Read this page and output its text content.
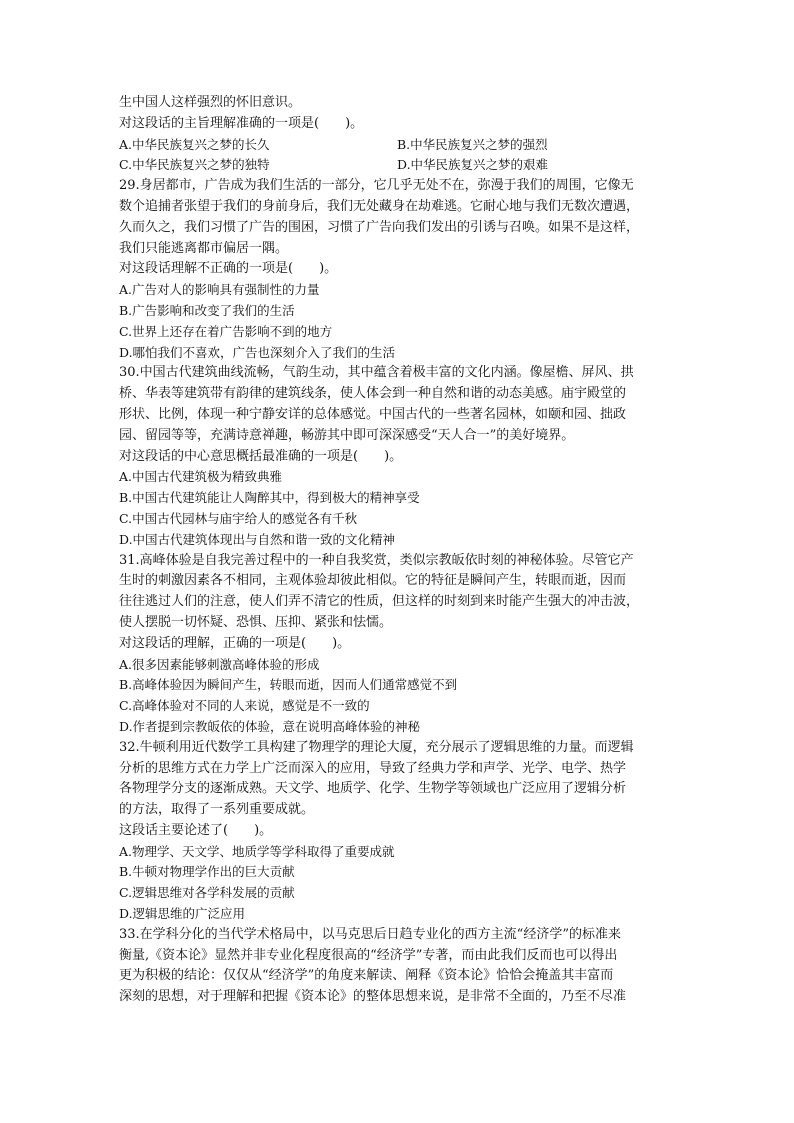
生中国人这样强烈的怀旧意识。
对这段话的主旨理解准确的一项是(　　)。
A.中华民族复兴之梦的长久	B.中华民族复兴之梦的强烈
C.中华民族复兴之梦的独特	D.中华民族复兴之梦的艰难
29.身居都市，广告成为我们生活的一部分，它几乎无处不在，弥漫于我们的周围，它像无
数个追捕者张望于我们的身前身后，我们无处藏身在劫难逃。它耐心地与我们无数次遭遇，
久而久之，我们习惯了广告的围困，习惯了广告向我们发出的引诱与召唤。如果不是这样，
我们只能逃离都市偏居一隅。
对这段话理解不正确的一项是(　　)。
A.广告对人的影响具有强制性的力量
B.广告影响和改变了我们的生活
C.世界上还存在着广告影响不到的地方
D.哪怕我们不喜欢，广告也深刻介入了我们的生活
30.中国古代建筑曲线流畅，气韵生动，其中蕴含着极丰富的文化内涵。像屋檐、屏风、拱
桥、华表等建筑带有韵律的建筑线条，使人体会到一种自然和谐的动态美感。庙宇殿堂的
形状、比例，体现一种宁静安详的总体感觉。中国古代的一些著名园林，如颐和园、拙政
园、留园等等，充满诗意禅趣，畅游其中即可深深感受“天人合一”的美好境界。
对这段话的中心意思概括最准确的一项是(　　)。
A.中国古代建筑极为精致典雅
B.中国古代建筑能让人陶醉其中，得到极大的精神享受
C.中国古代园林与庙宇给人的感觉各有千秋
D.中国古代建筑体现出与自然和谐一致的文化精神
31.高峰体验是自我完善过程中的一种自我奖赏，类似宗教皈依时刻的神秘体验。尽管它产
生时的刺激因素各不相同，主观体验却彼此相似。它的特征是瞬间产生，转眼而逝，因而
往往逃过人们的注意，使人们弄不清它的性质，但这样的时刻到来时能产生强大的冲击波，
使人摆脱一切怀疑、恐惧、压抑、紧张和怯懦。
对这段话的理解，正确的一项是(　　)。
A.很多因素能够刺激高峰体验的形成
B.高峰体验因为瞬间产生，转眼而逝，因而人们通常感觉不到
C.高峰体验对不同的人来说，感觉是不一致的
D.作者提到宗教皈依的体验，意在说明高峰体验的神秘
32.牛顿利用近代数学工具构建了物理学的理论大厦，充分展示了逻辑思维的力量。而逻辑
分析的思维方式在力学上广泛而深入的应用，导致了经典力学和声学、光学、电学、热学
各物理学分支的逐渐成熟。天文学、地质学、化学、生物学等领域也广泛应用了逻辑分析
的方法，取得了一系列重要成就。
这段话主要论述了(　　)。
A.物理学、天文学、地质学等学科取得了重要成就
B.牛顿对物理学作出的巨大贡献
C.逻辑思维对各学科发展的贡献
D.逻辑思维的广泛应用
33.在学科分化的当代学术格局中，以马克思后日趋专业化的西方主流“经济学”的标准来
衡量,《资本论》显然并非专业化程度很高的“经济学”专著，而由此我们反而也可以得出
更为积极的结论：仅仅从“经济学”的角度来解读、阐释《资本论》恰恰会掩盖其丰富而
深刻的思想，对于理解和把握《资本论》的整体思想来说，是非常不全面的，乃至不尽准
